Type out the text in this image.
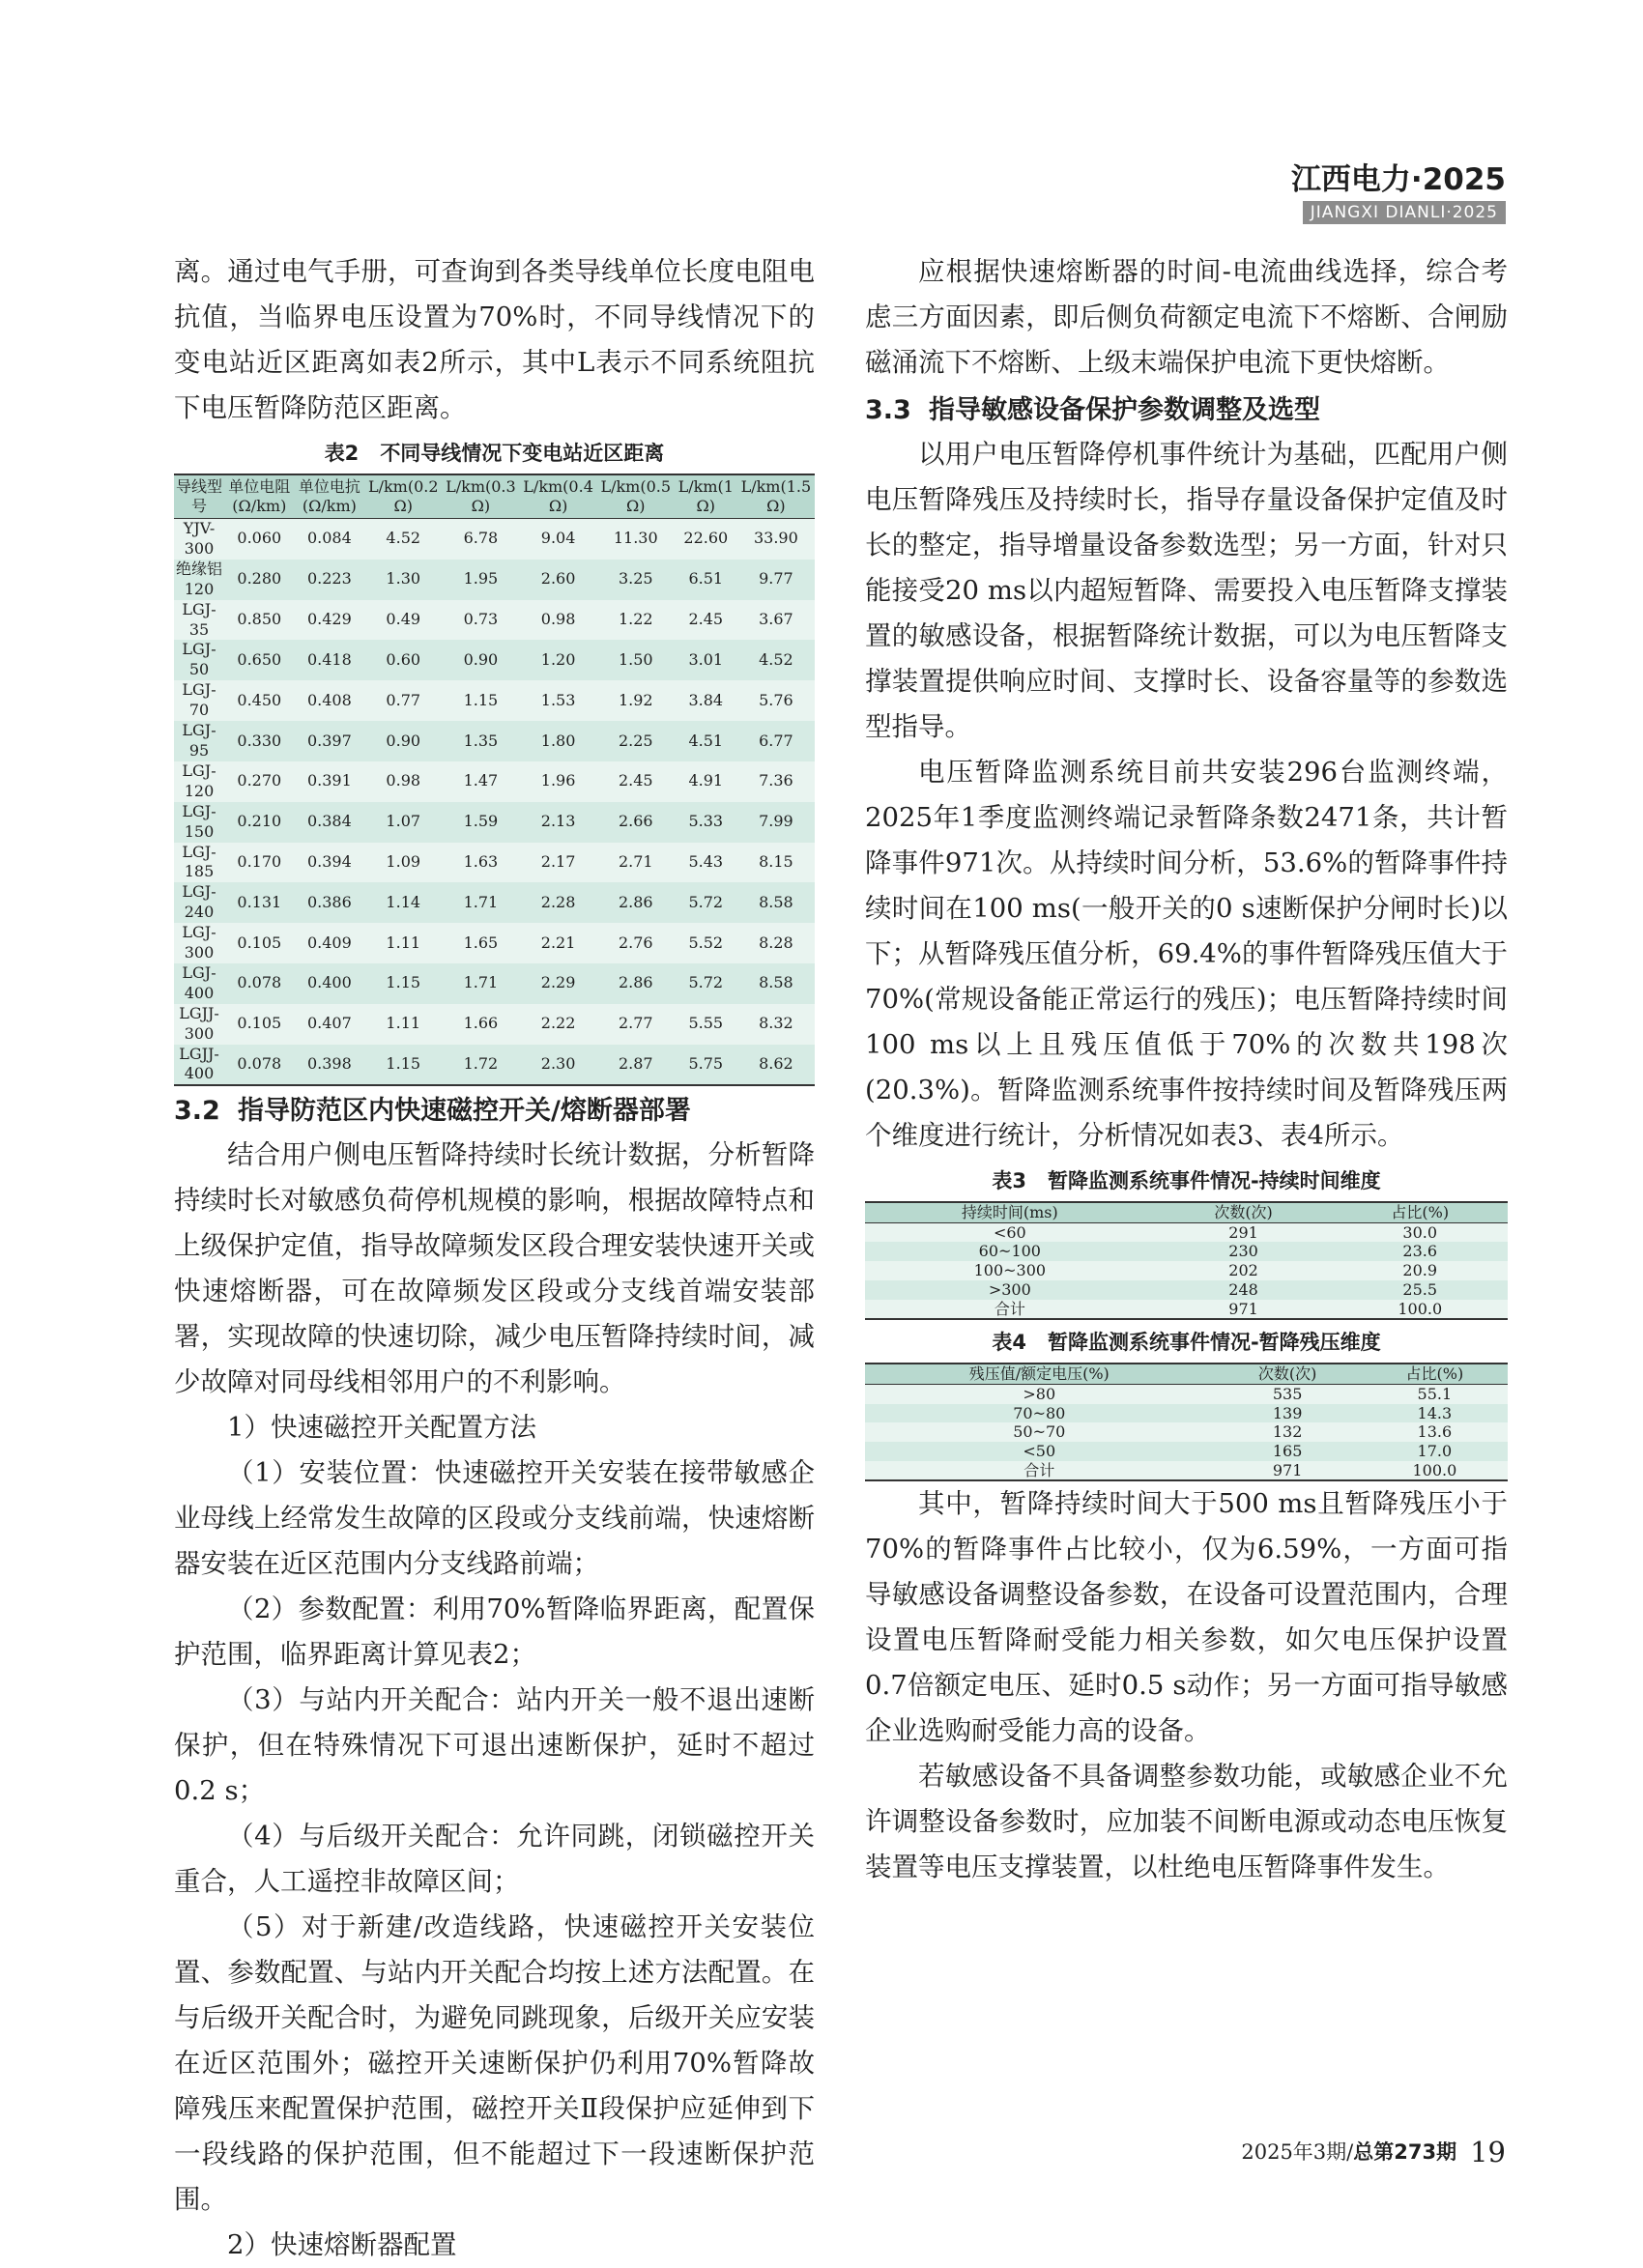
江西电力·2025
JIANGXI DIANLI·2025

离。通过电气手册，可查询到各类导线单位长度电阻电抗值，当临界电压设置为70%时，不同导线情况下的变电站近区距离如表2所示，其中L表示不同系统阻抗下电压暂降防范区距离。

表2 不同导线情况下变电站近区距离
导线型号	单位电阻(Ω/km)	单位电抗(Ω/km)	L/km(0.2 Ω)	L/km(0.3 Ω)	L/km(0.4 Ω)	L/km(0.5 Ω)	L/km(1 Ω)	L/km(1.5 Ω)
YJV-300	0.060	0.084	4.52	6.78	9.04	11.30	22.60	33.90
绝缘铝120	0.280	0.223	1.30	1.95	2.60	3.25	6.51	9.77
LGJ-35	0.850	0.429	0.49	0.73	0.98	1.22	2.45	3.67
LGJ-50	0.650	0.418	0.60	0.90	1.20	1.50	3.01	4.52
LGJ-70	0.450	0.408	0.77	1.15	1.53	1.92	3.84	5.76
LGJ-95	0.330	0.397	0.90	1.35	1.80	2.25	4.51	6.77
LGJ-120	0.270	0.391	0.98	1.47	1.96	2.45	4.91	7.36
LGJ-150	0.210	0.384	1.07	1.59	2.13	2.66	5.33	7.99
LGJ-185	0.170	0.394	1.09	1.63	2.17	2.71	5.43	8.15
LGJ-240	0.131	0.386	1.14	1.71	2.28	2.86	5.72	8.58
LGJ-300	0.105	0.409	1.11	1.65	2.21	2.76	5.52	8.28
LGJ-400	0.078	0.400	1.15	1.71	2.29	2.86	5.72	8.58
LGJJ-300	0.105	0.407	1.11	1.66	2.22	2.77	5.55	8.32
LGJJ-400	0.078	0.398	1.15	1.72	2.30	2.87	5.75	8.62
3.2 指导防范区内快速磁控开关/熔断器部署

结合用户侧电压暂降持续时长统计数据，分析暂降持续时长对敏感负荷停机规模的影响，根据故障特点和上级保护定值，指导故障频发区段合理安装快速开关或快速熔断器，可在故障频发区段或分支线首端安装部署，实现故障的快速切除，减少电压暂降持续时间，减少故障对同母线相邻用户的不利影响。

1）快速磁控开关配置方法

（1）安装位置：快速磁控开关安装在接带敏感企业母线上经常发生故障的区段或分支线前端，快速熔断器安装在近区范围内分支线路前端；

（2）参数配置：利用70%暂降临界距离，配置保护范围，临界距离计算见表2；

（3）与站内开关配合：站内开关一般不退出速断保护，但在特殊情况下可退出速断保护，延时不超过0.2 s；

（4）与后级开关配合：允许同跳，闭锁磁控开关重合，人工遥控非故障区间；

（5）对于新建/改造线路，快速磁控开关安装位置、参数配置、与站内开关配合均按上述方法配置。在与后级开关配合时，为避免同跳现象，后级开关应安装在近区范围外；磁控开关速断保护仍利用70%暂降故障残压来配置保护范围，磁控开关Ⅱ段保护应延伸到下一段线路的保护范围，但不能超过下一段速断保护范围。

2）快速熔断器配置

应根据快速熔断器的时间-电流曲线选择，综合考虑三方面因素，即后侧负荷额定电流下不熔断、合闸励磁涌流下不熔断、上级末端保护电流下更快熔断。

3.3 指导敏感设备保护参数调整及选型

以用户电压暂降停机事件统计为基础，匹配用户侧电压暂降残压及持续时长，指导存量设备保护定值及时长的整定，指导增量设备参数选型；另一方面，针对只能接受20 ms以内超短暂降、需要投入电压暂降支撑装置的敏感设备，根据暂降统计数据，可以为电压暂降支撑装置提供响应时间、支撑时长、设备容量等的参数选型指导。

电压暂降监测系统目前共安装296台监测终端，2025年1季度监测终端记录暂降条数2471条，共计暂降事件971次。从持续时间分析，53.6%的暂降事件持续时间在100 ms(一般开关的0 s速断保护分闸时长)以下；从暂降残压值分析，69.4%的事件暂降残压值大于70%(常规设备能正常运行的残压)；电压暂降持续时间100 ms以上且残压值低于70%的次数共198次(20.3%)。暂降监测系统事件按持续时间及暂降残压两个维度进行统计，分析情况如表3、表4所示。

表3 暂降监测系统事件情况-持续时间维度
持续时间(ms)	次数(次)	占比(%)
<60	291	30.0
60~100	230	23.6
100~300	202	20.9
>300	248	25.5
合计	971	100.0
表4 暂降监测系统事件情况-暂降残压维度
残压值/额定电压(%)	次数(次)	占比(%)
>80	535	55.1
70~80	139	14.3
50~70	132	13.6
<50	165	17.0
合计	971	100.0

其中，暂降持续时间大于500 ms且暂降残压小于70%的暂降事件占比较小，仅为6.59%，一方面可指导敏感设备调整设备参数，在设备可设置范围内，合理设置电压暂降耐受能力相关参数，如欠电压保护设置0.7倍额定电压、延时0.5 s动作；另一方面可指导敏感企业选购耐受能力高的设备。

若敏感设备不具备调整参数功能，或敏感企业不允许调整设备参数时，应加装不间断电源或动态电压恢复装置等电压支撑装置，以杜绝电压暂降事件发生。

2025年3期/总第273期 19
